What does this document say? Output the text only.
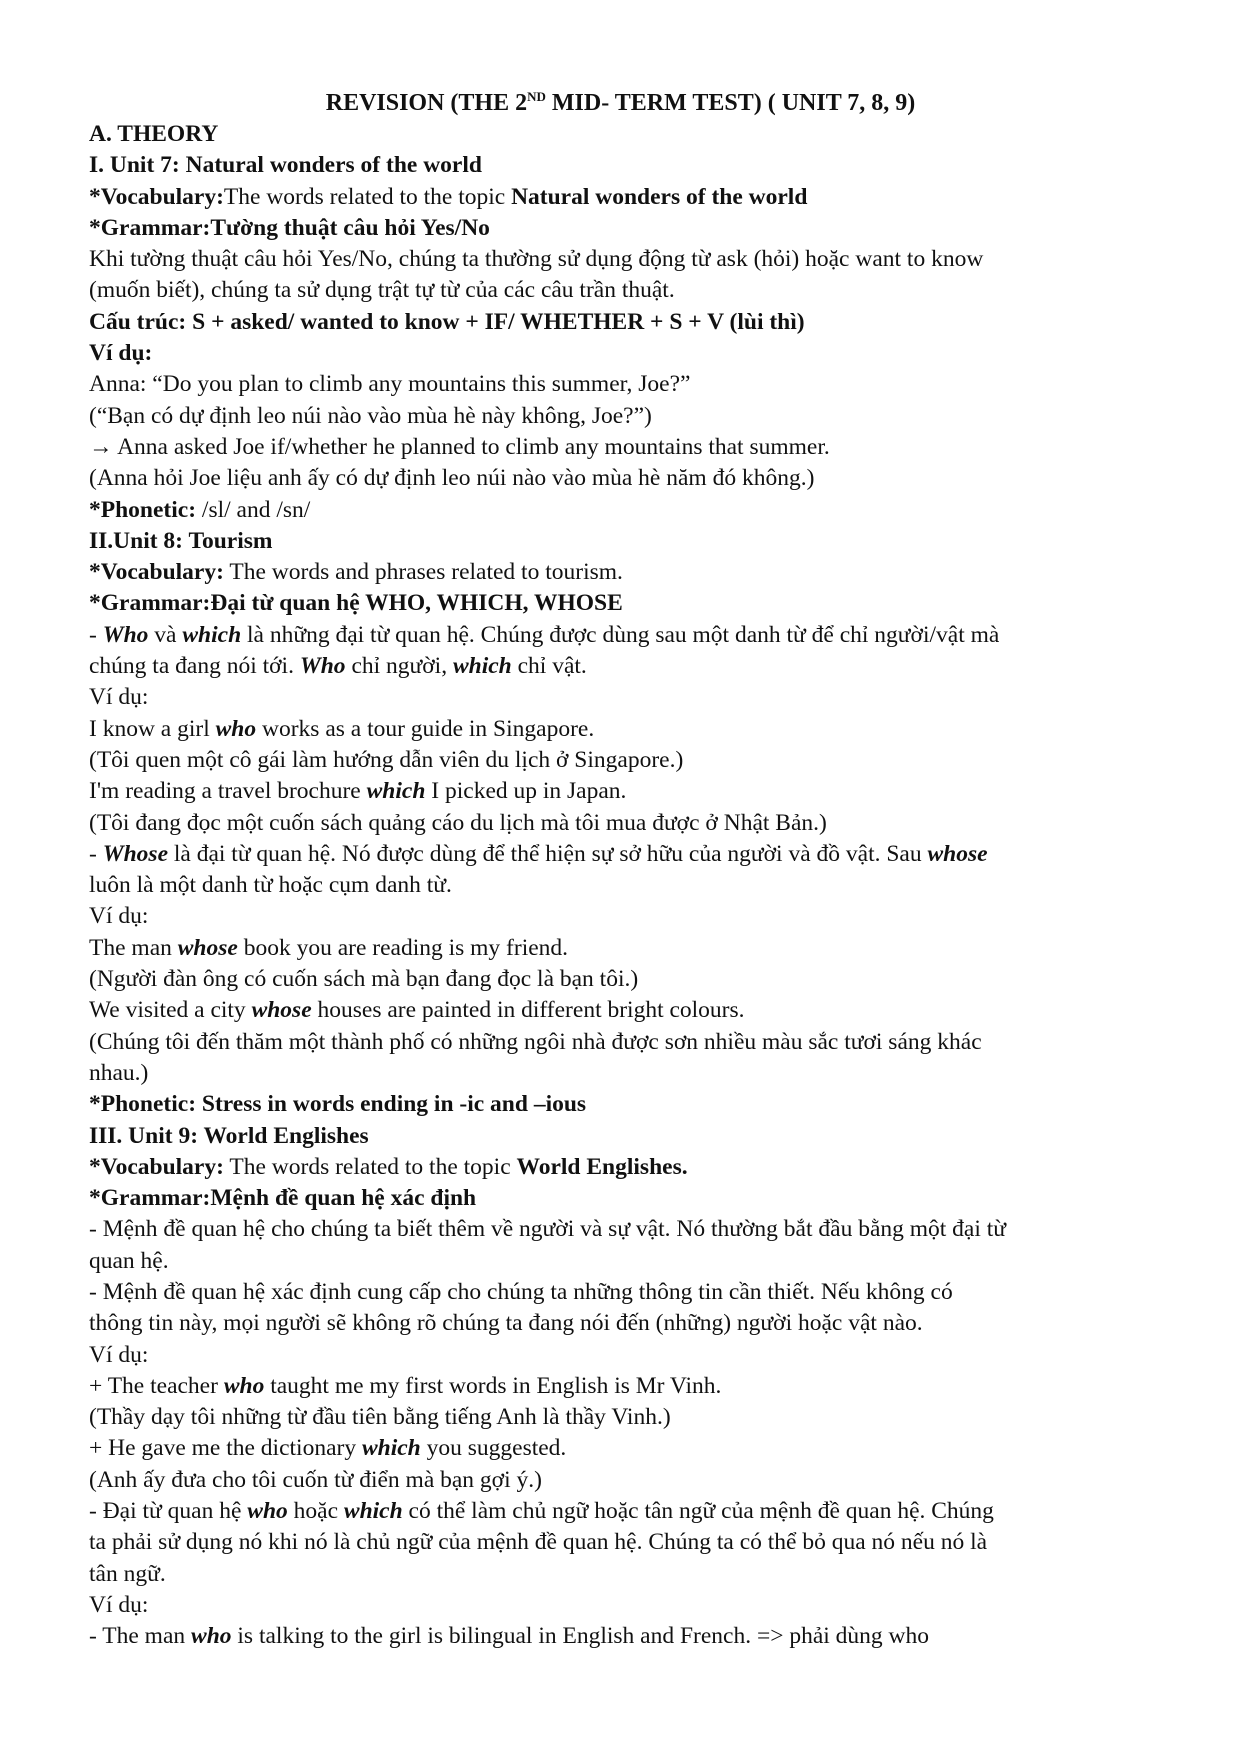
REVISION (THE 2ND MID- TERM TEST) ( UNIT 7, 8, 9)
A. THEORY
I. Unit 7: Natural wonders of the world
*Vocabulary:The words related to the topic Natural wonders of the world
*Grammar:Tường thuật câu hỏi Yes/No
Khi tường thuật câu hỏi Yes/No, chúng ta thường sử dụng động từ ask (hỏi) hoặc want to know
(muốn biết), chúng ta sử dụng trật tự từ của các câu trần thuật.
Cấu trúc: S + asked/ wanted to know + IF/ WHETHER + S + V (lùi thì)
Ví dụ:
Anna: “Do you plan to climb any mountains this summer, Joe?”
(“Bạn có dự định leo núi nào vào mùa hè này không, Joe?”)
→ Anna asked Joe if/whether he planned to climb any mountains that summer.
(Anna hỏi Joe liệu anh ấy có dự định leo núi nào vào mùa hè năm đó không.)
*Phonetic: /sl/ and /sn/
II.Unit 8: Tourism
*Vocabulary: The words and phrases related to tourism.
*Grammar:Đại từ quan hệ WHO, WHICH, WHOSE
- Who và which là những đại từ quan hệ. Chúng được dùng sau một danh từ để chỉ người/vật mà
chúng ta đang nói tới. Who chỉ người, which chỉ vật.
Ví dụ:
I know a girl who works as a tour guide in Singapore.
(Tôi quen một cô gái làm hướng dẫn viên du lịch ở Singapore.)
I'm reading a travel brochure which I picked up in Japan.
(Tôi đang đọc một cuốn sách quảng cáo du lịch mà tôi mua được ở Nhật Bản.)
- Whose là đại từ quan hệ. Nó được dùng để thể hiện sự sở hữu của người và đồ vật. Sau whose
luôn là một danh từ hoặc cụm danh từ.
Ví dụ:
The man whose book you are reading is my friend.
(Người đàn ông có cuốn sách mà bạn đang đọc là bạn tôi.)
We visited a city whose houses are painted in different bright colours.
(Chúng tôi đến thăm một thành phố có những ngôi nhà được sơn nhiều màu sắc tươi sáng khác
nhau.)
*Phonetic: Stress in words ending in -ic and –ious
III. Unit 9: World Englishes
*Vocabulary: The words related to the topic World Englishes.
*Grammar:Mệnh đề quan hệ xác định
- Mệnh đề quan hệ cho chúng ta biết thêm về người và sự vật. Nó thường bắt đầu bằng một đại từ
quan hệ.
- Mệnh đề quan hệ xác định cung cấp cho chúng ta những thông tin cần thiết. Nếu không có
thông tin này, mọi người sẽ không rõ chúng ta đang nói đến (những) người hoặc vật nào.
Ví dụ:
+ The teacher who taught me my first words in English is Mr Vinh.
(Thầy dạy tôi những từ đầu tiên bằng tiếng Anh là thầy Vinh.)
+ He gave me the dictionary which you suggested.
(Anh ấy đưa cho tôi cuốn từ điển mà bạn gợi ý.)
- Đại từ quan hệ who hoặc which có thể làm chủ ngữ hoặc tân ngữ của mệnh đề quan hệ. Chúng
ta phải sử dụng nó khi nó là chủ ngữ của mệnh đề quan hệ. Chúng ta có thể bỏ qua nó nếu nó là
tân ngữ.
Ví dụ:
- The man who is talking to the girl is bilingual in English and French. => phải dùng who
